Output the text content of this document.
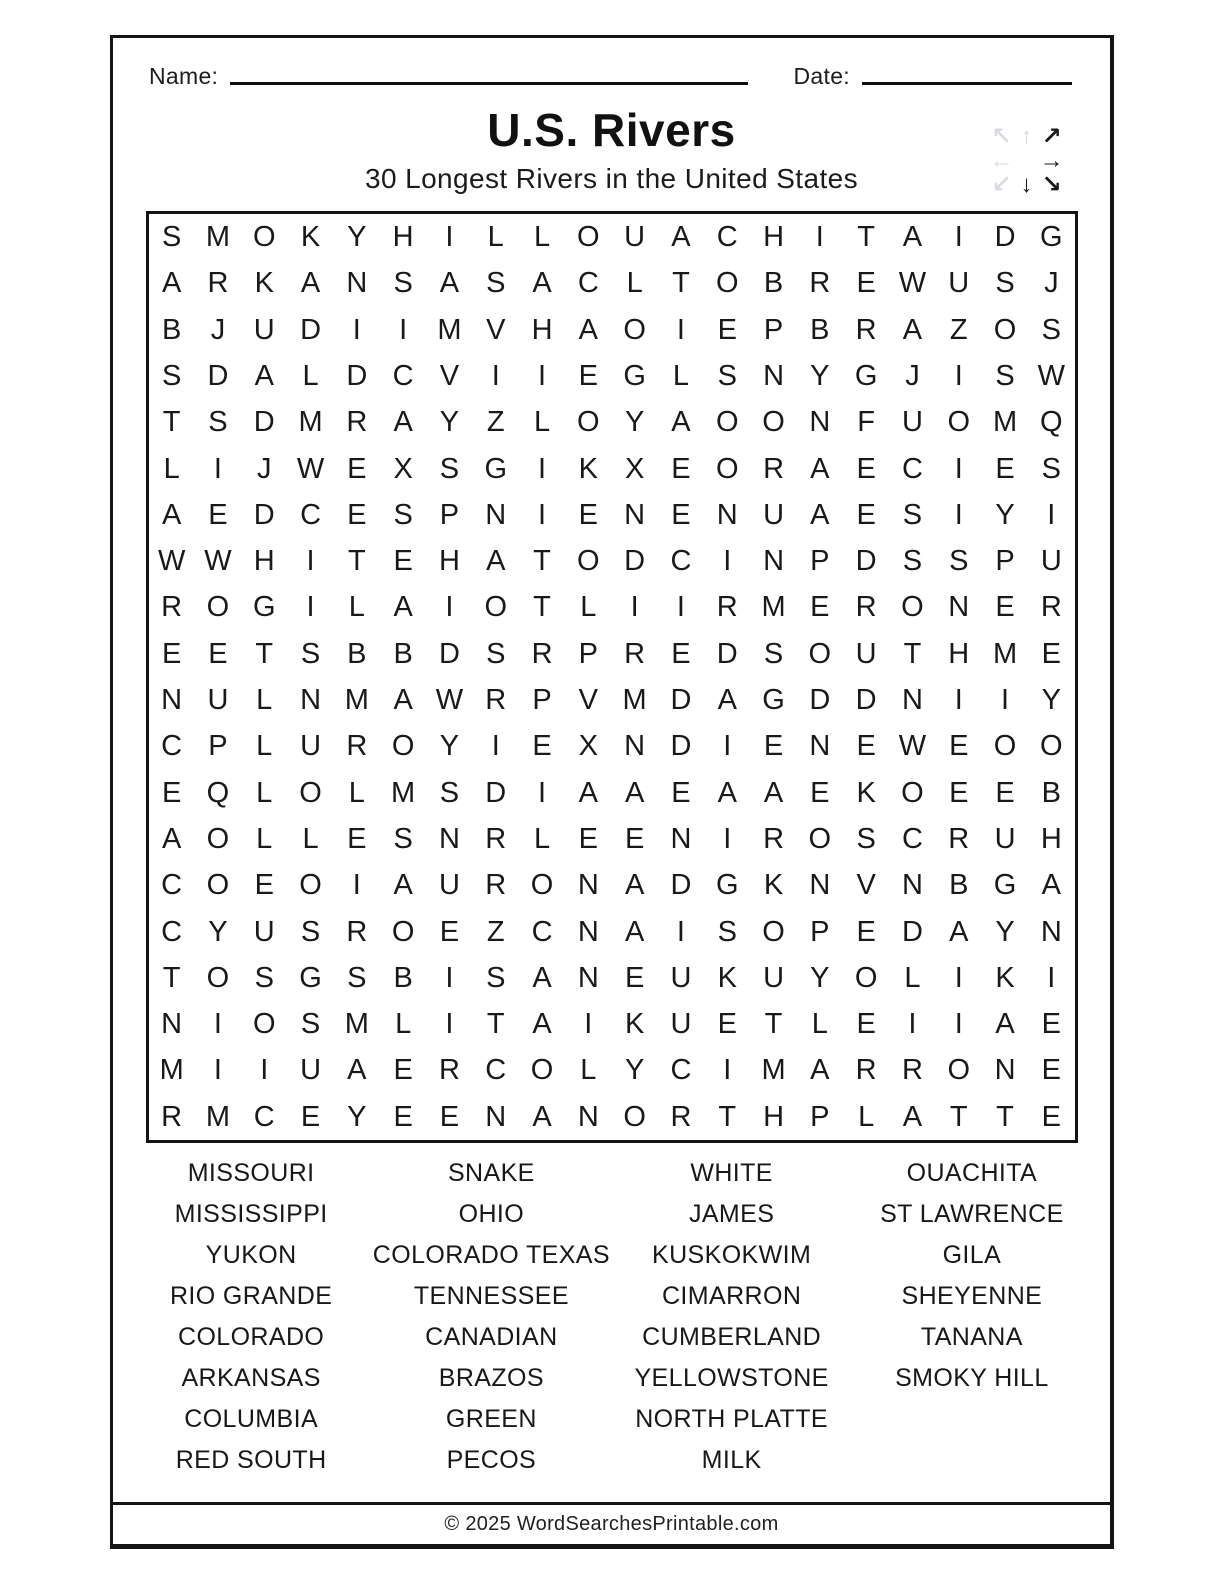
Name:	Date:
U.S. Rivers
30 Longest Rivers in the United States
↖ ↑ ↗
← →
↙ ↓ ↘
S M O K Y H	I	L	L O U A C H	I	T A	I	D G
A R K A N S A S A C L	T O B R E W U S	J
B	J U D	I	I	M V H A O	I	E P B R A Z O S
S D A L D C V	I	I	E G L S N Y G J	I	S W
T S D M R A Y Z	L O Y A O O N F U O M Q
L	I	J W E X S G	I	K X E O R A E C	I	E S
A E D C E S P N	I	E N E N U A E S	I	Y	I
W W H	I	T E H A T O D C	I	N P D S S P U
R O G	I	L A	I	O T	L	I	I	R M E R O N E R
E E T S B B D S R P R E D S O U T H M E
N U L N M A W R P V M D A G D D N	I	I	Y
C P L U R O Y	I	E X N D	I	E N E W E O O
E Q L O L M S D	I	A A E A A E K O E E B
A O L	L E S N R L E E N	I	R O S C R U H
C O E O	I	A U R O N A D G K N V N B G A
C Y U S R O E Z C N A	I	S O P E D A Y N
T O S G S B	I	S A N E U K U Y O L	I	K	I
N	I	O S M L	I	T A	I	K U E T	L E	I	I	A E
M	I	I	U A E R C O L Y C	I	M A R R O N E
R M C E Y E E N A N O R T H P L A T T E
MISSOURI	SNAKE	WHITE	OUACHITA
MISSISSIPPI	OHIO	JAMES	ST LAWRENCE
YUKON	COLORADO TEXAS	KUSKOKWIM	GILA
RIO GRANDE	TENNESSEE	CIMARRON	SHEYENNE
COLORADO	CANADIAN	CUMBERLAND	TANANA
ARKANSAS	BRAZOS	YELLOWSTONE	SMOKY HILL
COLUMBIA	GREEN	NORTH PLATTE
RED SOUTH	PECOS	MILK
© 2025 WordSearchesPrintable.com
